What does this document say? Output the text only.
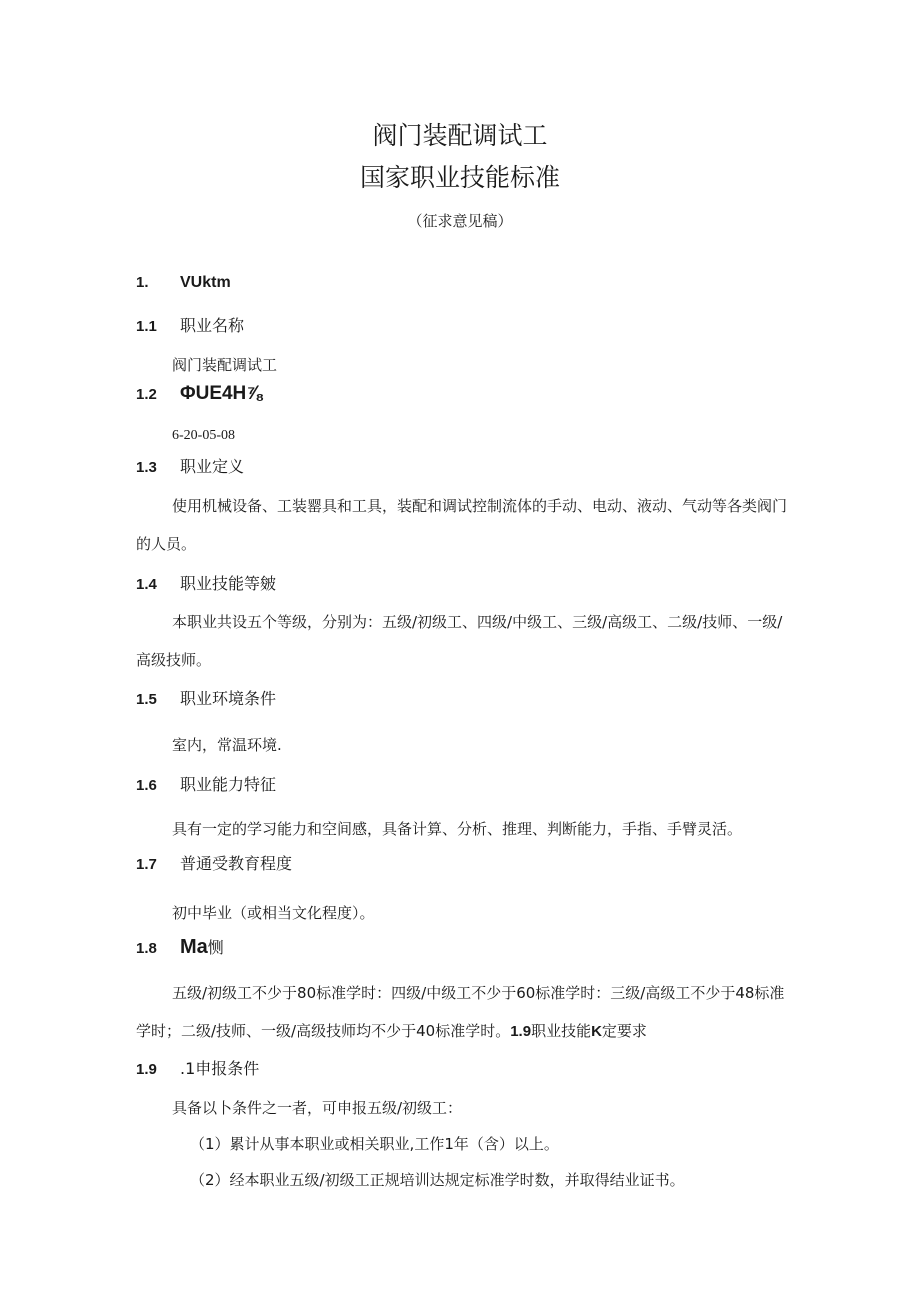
阀门装配调试工
国家职业技能标准
（征求意见稿）
1. VUktm
1.1 职业名称

阀门装配调试工

1.2 ΦUE4H⅞

6-20-05-08

1.3 职业定义

使用机械设备、工装罂具和工具，装配和调试控制流体的手动、电动、液动、气动等各类阀门的人员。

1.4 职业技能等皴

本职业共设五个等级，分别为：五级/初级工、四级/中级工、三级/高级工、二级/技师、一级/高级技师。

1.5 职业环境条件

室内，常温环境.

1.6 职业能力特征

具有一定的学习能力和空间感，具备计算、分析、推理、判断能力，手指、手臂灵活。

1.7 普通受教育程度

初中毕业（或相当文化程度）。

1.8 Ma恻

五级/初级工不少于80标准学时：四级/中级工不少于60标准学时：三级/高级工不少于48标准学时；二级/技师、一级/高级技师均不少于40标准学时。1.9职业技能K定要求

1.9 .1申报条件

具备以卜条件之一者，可申报五级/初级工：

（1）累计从事本职业或相关职业,工作1年（含）以上。

（2）经本职业五级/初级工正规培训达规定标准学时数，并取得结业证书。
